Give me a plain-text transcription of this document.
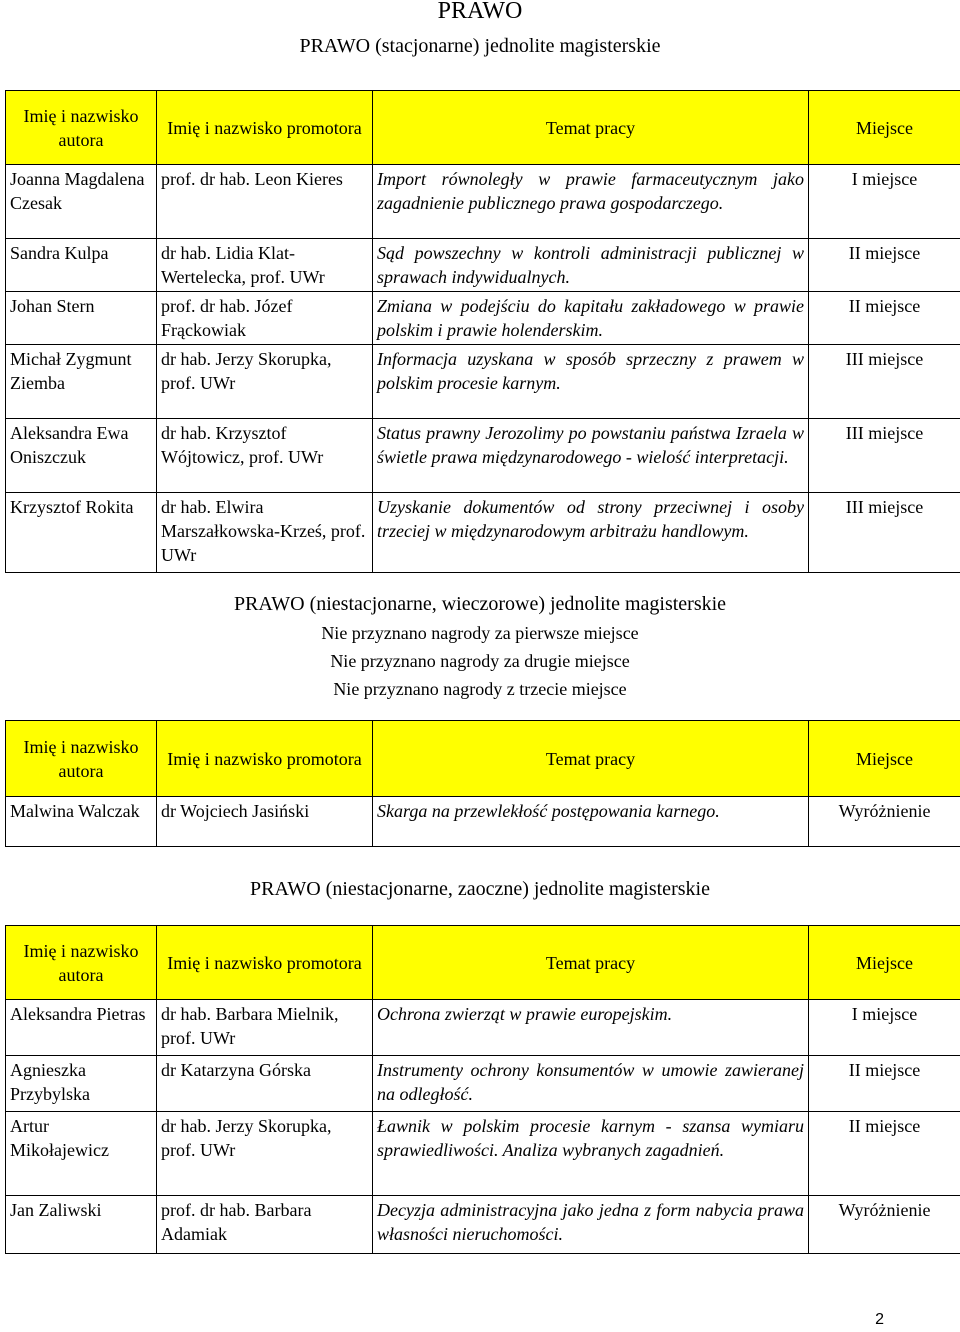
PRAWO
PRAWO (stacjonarne) jednolite magisterskie
Imię i nazwisko autora	Imię i nazwisko promotora	Temat pracy	Miejsce
Joanna Magdalena Czesak	prof. dr hab. Leon Kieres	Import równoległy w prawie farmaceutycznym jako zagadnienie publicznego prawa gospodarczego.	I miejsce
Sandra Kulpa	dr hab. Lidia Klat-Wertelecka, prof. UWr	Sąd powszechny w kontroli administracji publicznej w sprawach indywidualnych.	II miejsce
Johan Stern	prof. dr hab. Józef Frąckowiak	Zmiana w podejściu do kapitału zakładowego w prawie polskim i prawie holenderskim.	II miejsce
Michał Zygmunt Ziemba	dr hab. Jerzy Skorupka, prof. UWr	Informacja uzyskana w sposób sprzeczny z prawem w polskim procesie karnym.	III miejsce
Aleksandra Ewa Oniszczuk	dr hab. Krzysztof Wójtowicz, prof. UWr	Status prawny Jerozolimy po powstaniu państwa Izraela w świetle prawa międzynarodowego - wielość interpretacji.	III miejsce
Krzysztof Rokita	dr hab. Elwira Marszałkowska-Krześ, prof. UWr	Uzyskanie dokumentów od strony przeciwnej i osoby trzeciej w międzynarodowym arbitrażu handlowym.	III miejsce
PRAWO (niestacjonarne, wieczorowe) jednolite magisterskie
Nie przyznano nagrody za pierwsze miejsce
Nie przyznano nagrody za drugie miejsce
Nie przyznano nagrody z trzecie miejsce
Imię i nazwisko autora	Imię i nazwisko promotora	Temat pracy	Miejsce
Malwina Walczak	dr Wojciech Jasiński	Skarga na przewlekłość postępowania karnego.	Wyróżnienie
PRAWO (niestacjonarne, zaoczne) jednolite magisterskie
Imię i nazwisko autora	Imię i nazwisko promotora	Temat pracy	Miejsce
Aleksandra Pietras	dr hab. Barbara Mielnik, prof. UWr	Ochrona zwierząt w prawie europejskim.	I miejsce
Agnieszka Przybylska	dr Katarzyna Górska	Instrumenty ochrony konsumentów w umowie zawieranej na odległość.	II miejsce
Artur Mikołajewicz	dr hab. Jerzy Skorupka, prof. UWr	Ławnik w polskim procesie karnym - szansa wymiaru sprawiedliwości. Analiza wybranych zagadnień.	II miejsce
Jan Zaliwski	prof. dr hab. Barbara Adamiak	Decyzja administracyjna jako jedna z form nabycia prawa własności nieruchomości.	Wyróżnienie
2
